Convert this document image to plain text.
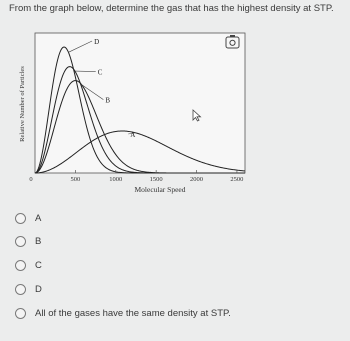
From the graph below, determine the gas that has the highest density at STP.
D
C
B
A
0	500	1000	1500	2000	2500
Molecular Speed
Relative Number of Particles
A
B
C
D
All of the gases have the same density at STP.
